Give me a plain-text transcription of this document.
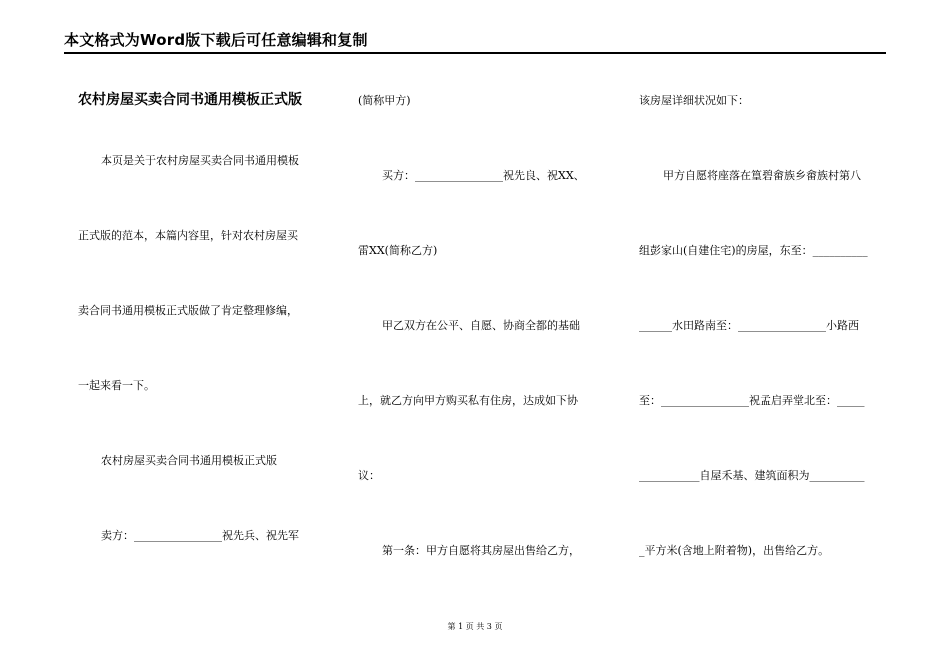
本文格式为Word版下载后可任意编辑和复制
农村房屋买卖合同书通用模板正式版
本页是关于农村房屋买卖合同书通用模板
正式版的范本，本篇内容里，针对农村房屋买
卖合同书通用模板正式版做了肯定整理修编，
一起来看一下。
农村房屋买卖合同书通用模板正式版
卖方：________________祝先兵、祝先军
(简称甲方)
买方：________________祝先良、祝XX、
雷XX(简称乙方)
甲乙双方在公平、自愿、协商全都的基础
上，就乙方向甲方购买私有住房，达成如下协
议：
第一条：甲方自愿将其房屋出售给乙方，
该房屋详细状况如下：
甲方自愿将座落在篁碧畲族乡畲族村第八
组彭家山(自建住宅)的房屋，东至：__________
______水田路南至：________________小路西
至：________________祝孟启弄堂北至：_____
___________自屋禾基、建筑面积为__________
_平方米(含地上附着物)，出售给乙方。
第 1 页 共 3 页
